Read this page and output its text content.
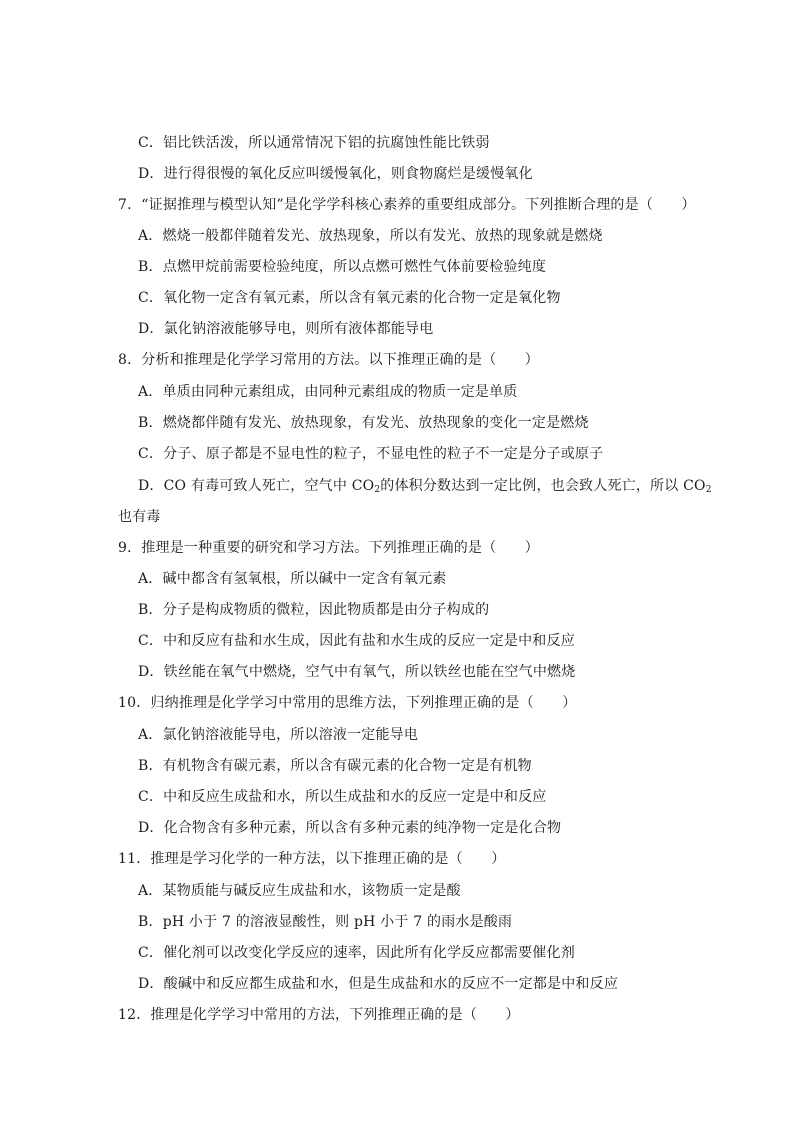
C．铝比铁活泼，所以通常情况下铝的抗腐蚀性能比铁弱
D．进行得很慢的氧化反应叫缓慢氧化，则食物腐烂是缓慢氧化
7．“证据推理与模型认知”是化学学科核心素养的重要组成部分。下列推断合理的是（　　）
A．燃烧一般都伴随着发光、放热现象，所以有发光、放热的现象就是燃烧
B．点燃甲烷前需要检验纯度，所以点燃可燃性气体前要检验纯度
C．氧化物一定含有氧元素，所以含有氧元素的化合物一定是氧化物
D．氯化钠溶液能够导电，则所有液体都能导电
8．分析和推理是化学学习常用的方法。以下推理正确的是（　　）
A．单质由同种元素组成，由同种元素组成的物质一定是单质
B．燃烧都伴随有发光、放热现象，有发光、放热现象的变化一定是燃烧
C．分子、原子都是不显电性的粒子，不显电性的粒子不一定是分子或原子
D．CO 有毒可致人死亡，空气中 $CO_2$的体积分数达到一定比例，也会致人死亡，所以 $CO_2$
也有毒
9．推理是一种重要的研究和学习方法。下列推理正确的是（　　）
A．碱中都含有氢氧根，所以碱中一定含有氧元素
B．分子是构成物质的微粒，因此物质都是由分子构成的
C．中和反应有盐和水生成，因此有盐和水生成的反应一定是中和反应
D．铁丝能在氧气中燃烧，空气中有氧气，所以铁丝也能在空气中燃烧
10．归纳推理是化学学习中常用的思维方法，下列推理正确的是（　　）
A．氯化钠溶液能导电，所以溶液一定能导电
B．有机物含有碳元素，所以含有碳元素的化合物一定是有机物
C．中和反应生成盐和水，所以生成盐和水的反应一定是中和反应
D．化合物含有多种元素，所以含有多种元素的纯净物一定是化合物
11．推理是学习化学的一种方法，以下推理正确的是（　　）
A．某物质能与碱反应生成盐和水，该物质一定是酸
B．pH 小于 7 的溶液显酸性，则 pH 小于 7 的雨水是酸雨
C．催化剂可以改变化学反应的速率，因此所有化学反应都需要催化剂
D．酸碱中和反应都生成盐和水，但是生成盐和水的反应不一定都是中和反应
12．推理是化学学习中常用的方法，下列推理正确的是（　　）
